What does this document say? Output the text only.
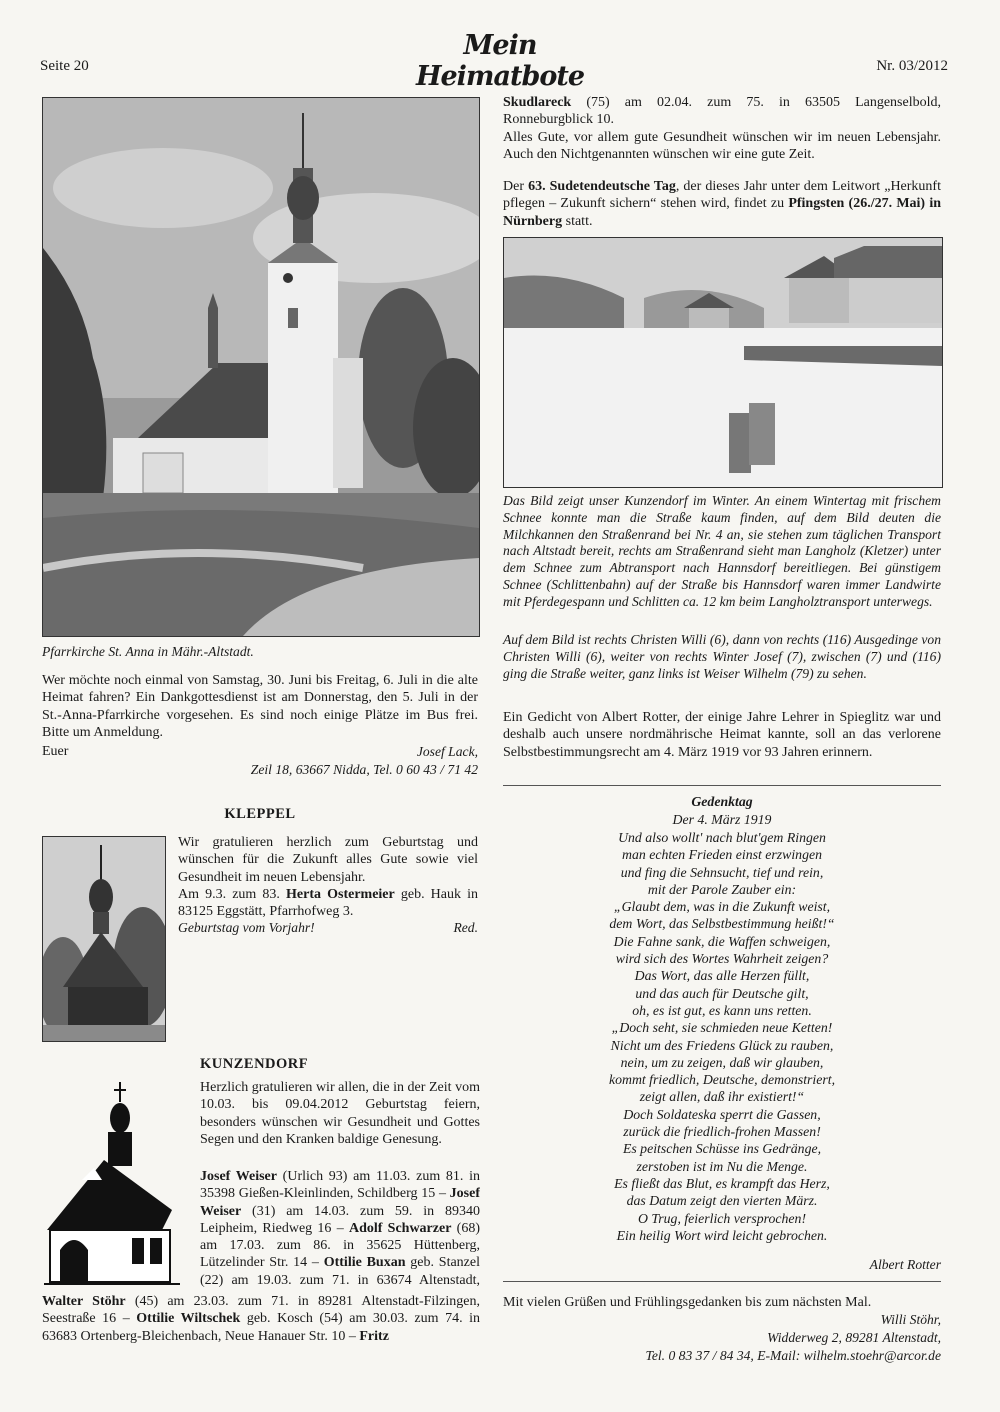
Seite 20
Mein Heimatbote	Nr. 03/2012
Pfarrkirche St. Anna in Mähr.-Altstadt.
Wer möchte noch einmal von Samstag, 30. Juni bis Freitag, 6. Juli in die alte Heimat fahren? Ein Dankgottesdienst ist am Donnerstag, den 5. Juli in der St.-Anna-Pfarrkirche vorgesehen. Es sind noch einige Plätze im Bus frei. Bitte um Anmeldung.
Euer	Josef Lack,
Zeil 18, 63667 Nidda, Tel. 0 60 43 / 71 42
KLEPPEL
Wir gratulieren herzlich zum Geburtstag und wünschen für die Zukunft alles Gute sowie viel Gesundheit im neuen Lebensjahr.
Am 9.3. zum 83. Herta Ostermeier geb. Hauk in 83125 Eggstätt, Pfarrhofweg 3.
Geburtstag vom Vorjahr!	Red.
KUNZENDORF
Herzlich gratulieren wir allen, die in der Zeit vom 10.03. bis 09.04.2012 Geburtstag feiern, besonders wünschen wir Gesundheit und Gottes Segen und den Kranken baldige Genesung.
Josef Weiser (Urlich 93) am 11.03. zum 81. in 35398 Gießen-Kleinlinden, Schildberg 15 – Josef Weiser (31) am 14.03. zum 59. in 89340 Leipheim, Riedweg 16 – Adolf Schwarzer (68) am 17.03. zum 86. in 35625 Hüttenberg, Lützelinder Str. 14 – Ottilie Buxan geb. Stanzel (22) am 19.03. zum 71. in 63674 Altenstadt,
Walter Stöhr (45) am 23.03. zum 71. in 89281 Altenstadt-Filzingen, Seestraße 16 – Ottilie Wiltschek geb. Kosch (54) am 30.03. zum 74. in 63683 Ortenberg-Bleichenbach, Neue Hanauer Str. 10 – Fritz
Skudlareck (75) am 02.04. zum 75. in 63505 Langenselbold, Ronneburgblick 10.
Alles Gute, vor allem gute Gesundheit wünschen wir im neuen Lebensjahr. Auch den Nichtgenannten wünschen wir eine gute Zeit.
Der 63. Sudetendeutsche Tag, der dieses Jahr unter dem Leitwort „Herkunft pflegen – Zukunft sichern“ stehen wird, findet zu Pfingsten (26./27. Mai) in Nürnberg statt.
Das Bild zeigt unser Kunzendorf im Winter. An einem Wintertag mit frischem Schnee konnte man die Straße kaum finden, auf dem Bild deuten die Milchkannen den Straßenrand bei Nr. 4 an, sie stehen zum täglichen Transport nach Altstadt bereit, rechts am Straßenrand sieht man Langholz (Kletzer) unter dem Schnee zum Abtransport nach Hannsdorf bereitliegen. Bei günstigem Schnee (Schlittenbahn) auf der Straße bis Hannsdorf waren immer Landwirte mit Pferdegespann und Schlitten ca. 12 km beim Langholztransport unterwegs.
Auf dem Bild ist rechts Christen Willi (6), dann von rechts (116) Ausgedinge von Christen Willi (6), weiter von rechts Winter Josef (7), zwischen (7) und (116) ging die Straße weiter, ganz links ist Weiser Wilhelm (79) zu sehen.
Ein Gedicht von Albert Rotter, der einige Jahre Lehrer in Spieglitz war und deshalb auch unsere nordmährische Heimat kannte, soll an das verlorene Selbstbestimmungsrecht am 4. März 1919 vor 93 Jahren erinnern.
Gedenktag
Der 4. März 1919
Und also wollt' nach blut'gem Ringen
man echten Frieden einst erzwingen
und fing die Sehnsucht, tief und rein,
mit der Parole Zauber ein:
„Glaubt dem, was in die Zukunft weist,
dem Wort, das Selbstbestimmung heißt!“
Die Fahne sank, die Waffen schweigen,
wird sich des Wortes Wahrheit zeigen?
Das Wort, das alle Herzen füllt,
und das auch für Deutsche gilt,
oh, es ist gut, es kann uns retten.
„Doch seht, sie schmieden neue Ketten!
Nicht um des Friedens Glück zu rauben,
nein, um zu zeigen, daß wir glauben,
kommt friedlich, Deutsche, demonstriert,
zeigt allen, daß ihr existiert!“
Doch Soldateska sperrt die Gassen,
zurück die friedlich-frohen Massen!
Es peitschen Schüsse ins Gedränge,
zerstoben ist im Nu die Menge.
Es fließt das Blut, es krampft das Herz,
das Datum zeigt den vierten März.
O Trug, feierlich versprochen!
Ein heilig Wort wird leicht gebrochen.
Albert Rotter
Mit vielen Grüßen und Frühlingsgedanken bis zum nächsten Mal.
Willi Stöhr,
Widderweg 2, 89281 Altenstadt,
Tel. 0 83 37 / 84 34, E-Mail: wilhelm.stoehr@arcor.de
